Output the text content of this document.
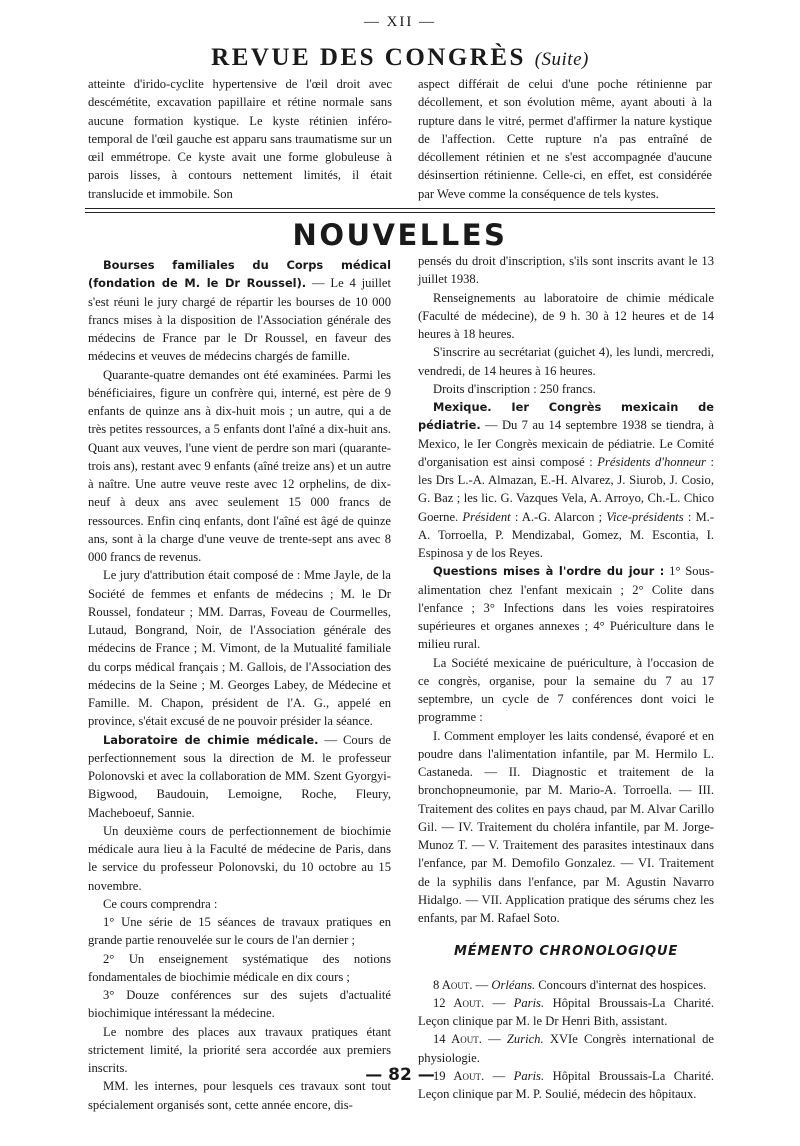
— XII —
REVUE DES CONGRÈS (Suite)

atteinte d'irido-cyclite hypertensive de l'œil droit avec descémétite, excavation papillaire et rétine normale sans aucune formation kystique. Le kyste rétinien inféro-temporal de l'œil gauche est apparu sans traumatisme sur un œil emmétrope. Ce kyste avait une forme globuleuse à parois lisses, à contours nettement limités, il était translucide et immobile. Son

aspect différait de celui d'une poche rétinienne par décollement, et son évolution même, ayant abouti à la rupture dans le vitré, permet d'affirmer la nature kystique de l'affection. Cette rupture n'a pas entraîné de décollement rétinien et ne s'est accompagnée d'aucune désinsertion rétinienne. Celle-ci, en effet, est considérée par Weve comme la conséquence de tels kystes.

NOUVELLES

Bourses familiales du Corps médical (fondation de M. le Dr Roussel). — Le 4 juillet s'est réuni le jury chargé de répartir les bourses de 10 000 francs mises à la disposition de l'Association générale des médecins de France par le Dr Roussel, en faveur des médecins et veuves de médecins chargés de famille.

Quarante-quatre demandes ont été examinées. Parmi les bénéficiaires, figure un confrère qui, interné, est père de 9 enfants de quinze ans à dix-huit mois ; un autre, qui a de très petites ressources, a 5 enfants dont l'aîné a dix-huit ans. Quant aux veuves, l'une vient de perdre son mari (quarante-trois ans), restant avec 9 enfants (aîné treize ans) et un autre à naître. Une autre veuve reste avec 12 orphelins, de dix-neuf à deux ans avec seulement 15 000 francs de ressources. Enfin cinq enfants, dont l'aîné est âgé de quinze ans, sont à la charge d'une veuve de trente-sept ans avec 8 000 francs de revenus.

Le jury d'attribution était composé de : Mme Jayle, de la Société de femmes et enfants de médecins ; M. le Dr Roussel, fondateur ; MM. Darras, Foveau de Courmelles, Lutaud, Bongrand, Noir, de l'Association générale des médecins de France ; M. Vimont, de la Mutualité familiale du corps médical français ; M. Gallois, de l'Association des médecins de la Seine ; M. Georges Labey, de Médecine et Famille. M. Chapon, président de l'A. G., appelé en province, s'était excusé de ne pouvoir présider la séance.

Laboratoire de chimie médicale. — Cours de perfectionnement sous la direction de M. le professeur Polonovski et avec la collaboration de MM. Szent Gyorgyi-Bigwood, Baudouin, Lemoigne, Roche, Fleury, Macheboeuf, Sannie.

Un deuxième cours de perfectionnement de biochimie médicale aura lieu à la Faculté de médecine de Paris, dans le service du professeur Polonovski, du 10 octobre au 15 novembre.

Ce cours comprendra :

1° Une série de 15 séances de travaux pratiques en grande partie renouvelée sur le cours de l'an dernier ;

2° Un enseignement systématique des notions fondamentales de biochimie médicale en dix cours ;

3° Douze conférences sur des sujets d'actualité biochimique intéressant la médecine.

Le nombre des places aux travaux pratiques étant strictement limité, la priorité sera accordée aux premiers inscrits.

MM. les internes, pour lesquels ces travaux sont tout spécialement organisés sont, cette année encore, dis-

pensés du droit d'inscription, s'ils sont inscrits avant le 13 juillet 1938.

Renseignements au laboratoire de chimie médicale (Faculté de médecine), de 9 h. 30 à 12 heures et de 14 heures à 18 heures.

S'inscrire au secrétariat (guichet 4), les lundi, mercredi, vendredi, de 14 heures à 16 heures.

Droits d'inscription : 250 francs.

Mexique. Ier Congrès mexicain de pédiatrie. — Du 7 au 14 septembre 1938 se tiendra, à Mexico, le Ier Congrès mexicain de pédiatrie. Le Comité d'organisation est ainsi composé : Présidents d'honneur : les Drs L.-A. Almazan, E.-H. Alvarez, J. Siurob, J. Cosio, G. Baz ; les lic. G. Vazques Vela, A. Arroyo, Ch.-L. Chico Goerne. Président : A.-G. Alarcon ; Vice-présidents : M.-A. Torroella, P. Mendizabal, Gomez, M. Escontia, I. Espinosa y de los Reyes.

Questions mises à l'ordre du jour : 1° Sous-alimentation chez l'enfant mexicain ; 2° Colite dans l'enfance ; 3° Infections dans les voies respiratoires supérieures et organes annexes ; 4° Puériculture dans le milieu rural.

La Société mexicaine de puériculture, à l'occasion de ce congrès, organise, pour la semaine du 7 au 17 septembre, un cycle de 7 conférences dont voici le programme :

I. Comment employer les laits condensé, évaporé et en poudre dans l'alimentation infantile, par M. Hermilo L. Castaneda. — II. Diagnostic et traitement de la bronchopneumonie, par M. Mario-A. Torroella. — III. Traitement des colites en pays chaud, par M. Alvar Carillo Gil. — IV. Traitement du choléra infantile, par M. Jorge-Munoz T. — V. Traitement des parasites intestinaux dans l'enfance, par M. Demofilo Gonzalez. — VI. Traitement de la syphilis dans l'enfance, par M. Agustin Navarro Hidalgo. — VII. Application pratique des sérums chez les enfants, par M. Rafael Soto.

MÉMENTO CHRONOLOGIQUE

8 Aout. — Orléans. Concours d'internat des hospices.

12 Aout. — Paris. Hôpital Broussais-La Charité. Leçon clinique par M. le Dr Henri Bith, assistant.

14 Aout. — Zurich. XVIe Congrès international de physiologie.

19 Aout. — Paris. Hôpital Broussais-La Charité. Leçon clinique par M. P. Soulié, médecin des hôpitaux.

— 82 —
